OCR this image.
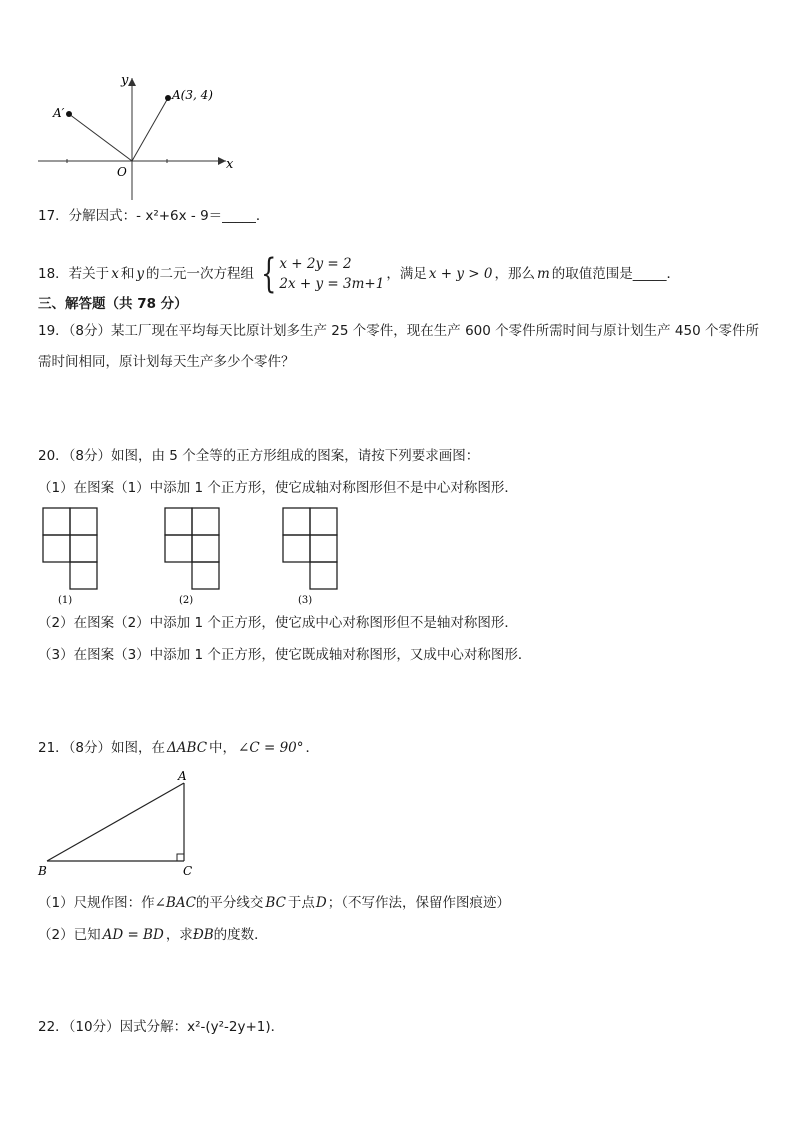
y
x
O
A(3, 4)
A′
17．分解因式：- x²+6x - 9＝_____．
18．若关于 x 和 y 的二元一次方程组 { x + 2y = 2
2x + y = 3m+1
，满足 x + y > 0 ，那么 m 的取值范围是_____．
三、解答题（共 78 分）
19．（8分）某工厂现在平均每天比原计划多生产 25 个零件，现在生产 600 个零件所需时间与原计划生产 450 个零件所
需时间相同，原计划每天生产多少个零件？
20．（8分）如图，由 5 个全等的正方形组成的图案，请按下列要求画图：
（1）在图案（1）中添加 1 个正方形，使它成轴对称图形但不是中心对称图形．
(1)	(2)	(3)
（2）在图案（2）中添加 1 个正方形，使它成中心对称图形但不是轴对称图形．
（3）在图案（3）中添加 1 个正方形，使它既成轴对称图形，又成中心对称图形．
21．（8分）如图，在 ΔABC 中， ∠C = 90° ．
A
B	C
（1）尺规作图：作∠BAC的平分线交 BC 于点D；（不写作法，保留作图痕迹）
（2）已知 AD = BD ，求ÐB的度数．
22．（10分）因式分解：x²-(y²-2y+1)．
